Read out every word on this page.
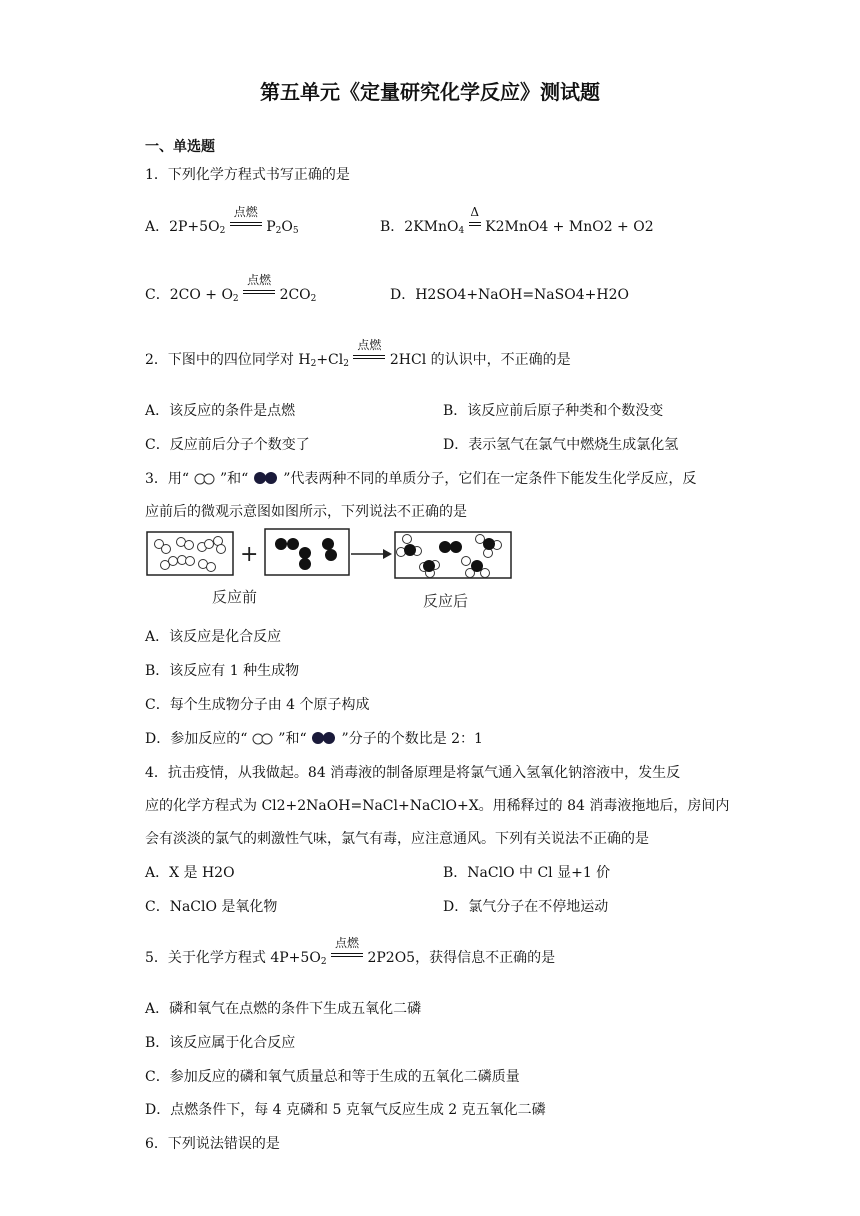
第五单元《定量研究化学反应》测试题
一、单选题
1．下列化学方程式书写正确的是
A．$2P+5O_2$
点燃
$P_2O_5$	B．2KMnO$_4$
Δ
K2MnO4 + MnO2 + O2
C．$2CO + O_2$
点燃
$2CO_2$	D．H2SO4+NaOH=NaSO4+H2O
2．下图中的四位同学对 $H_2+Cl_2$
点燃
2HCl 的认识中，不正确的是
A．该反应的条件是点燃	B．该反应前后原子种类和个数没变
C．反应前后分子个数变了	D．表示氢气在氯气中燃烧生成氯化氢
3．用“ ”和“ ”代表两种不同的单质分子，它们在一定条件下能发生化学反应，反
应前后的微观示意图如图所示，下列说法不正确的是
+
反应前	反应后
A．该反应是化合反应
B．该反应有 1 种生成物
C．每个生成物分子由 4 个原子构成
D．参加反应的“ ”和“ ”分子的个数比是 2：1
4．抗击疫情，从我做起。84 消毒液的制备原理是将氯气通入氢氧化钠溶液中，发生反
应的化学方程式为 Cl2+2NaOH=NaCl+NaClO+X。用稀释过的 84 消毒液拖地后，房间内
会有淡淡的氯气的刺激性气味，氯气有毒，应注意通风。下列有关说法不正确的是
A．X 是 H2O	B．NaClO 中 Cl 显+1 价
C．NaClO 是氧化物	D．氯气分子在不停地运动
5．关于化学方程式 $4P+5O_2$
点燃
2P2O5，获得信息不正确的是
A．磷和氧气在点燃的条件下生成五氧化二磷
B．该反应属于化合反应
C．参加反应的磷和氧气质量总和等于生成的五氧化二磷质量
D．点燃条件下，每 4 克磷和 5 克氧气反应生成 2 克五氧化二磷
6．下列说法错误的是
